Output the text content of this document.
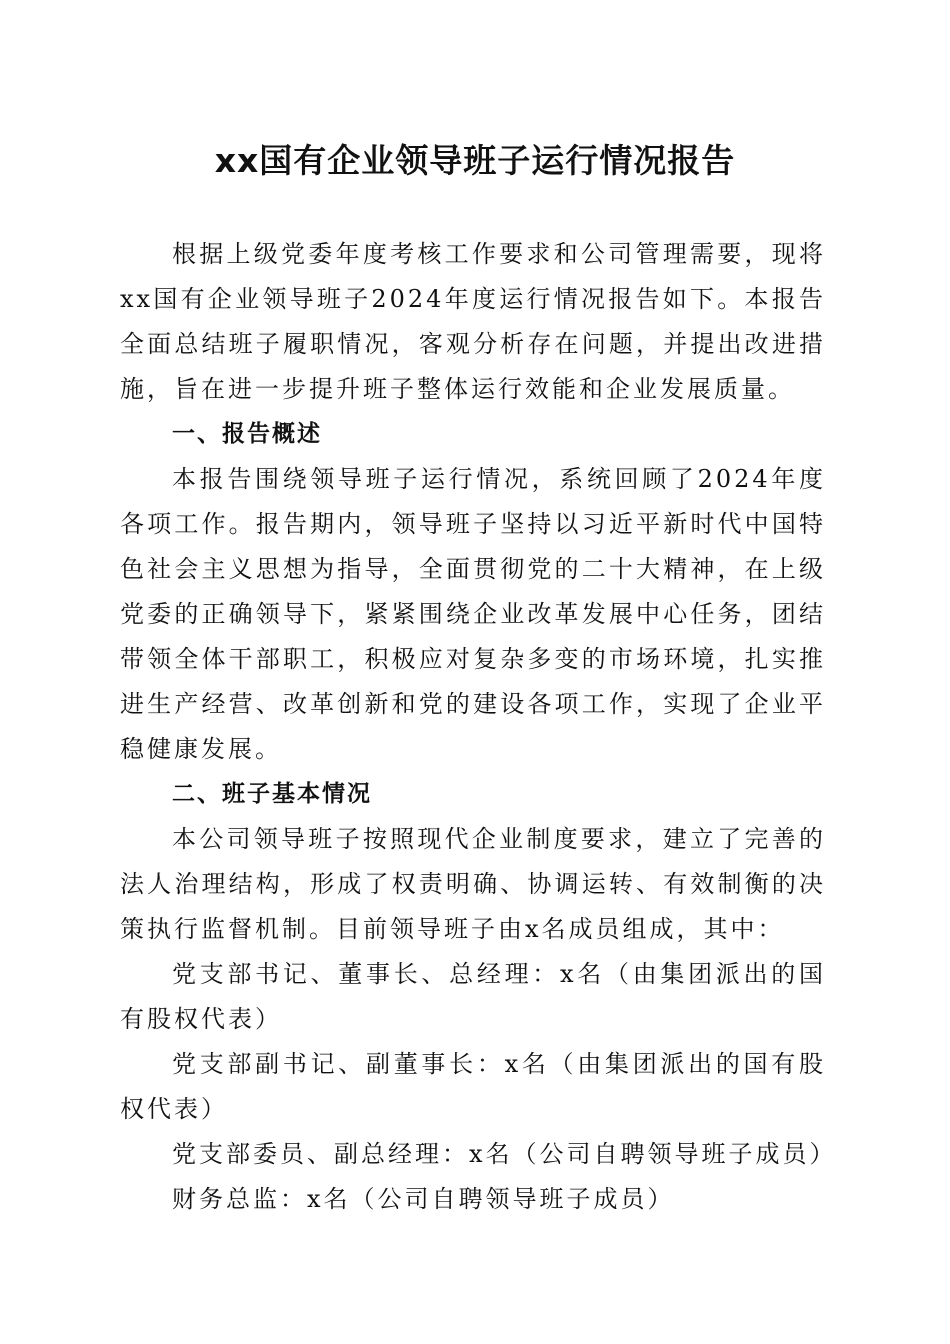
xx国有企业领导班子运行情况报告

根据上级党委年度考核工作要求和公司管理需要，现将xx国有企业领导班子2024年度运行情况报告如下。本报告全面总结班子履职情况，客观分析存在问题，并提出改进措施，旨在进一步提升班子整体运行效能和企业发展质量。

一、报告概述

本报告围绕领导班子运行情况，系统回顾了2024年度各项工作。报告期内，领导班子坚持以习近平新时代中国特色社会主义思想为指导，全面贯彻党的二十大精神，在上级党委的正确领导下，紧紧围绕企业改革发展中心任务，团结带领全体干部职工，积极应对复杂多变的市场环境，扎实推进生产经营、改革创新和党的建设各项工作，实现了企业平稳健康发展。

二、班子基本情况

本公司领导班子按照现代企业制度要求，建立了完善的法人治理结构，形成了权责明确、协调运转、有效制衡的决策执行监督机制。目前领导班子由x名成员组成，其中：

党支部书记、董事长、总经理：x名（由集团派出的国有股权代表）

党支部副书记、副董事长：x名（由集团派出的国有股权代表）

党支部委员、副总经理：x名（公司自聘领导班子成员）

财务总监：x名（公司自聘领导班子成员）
